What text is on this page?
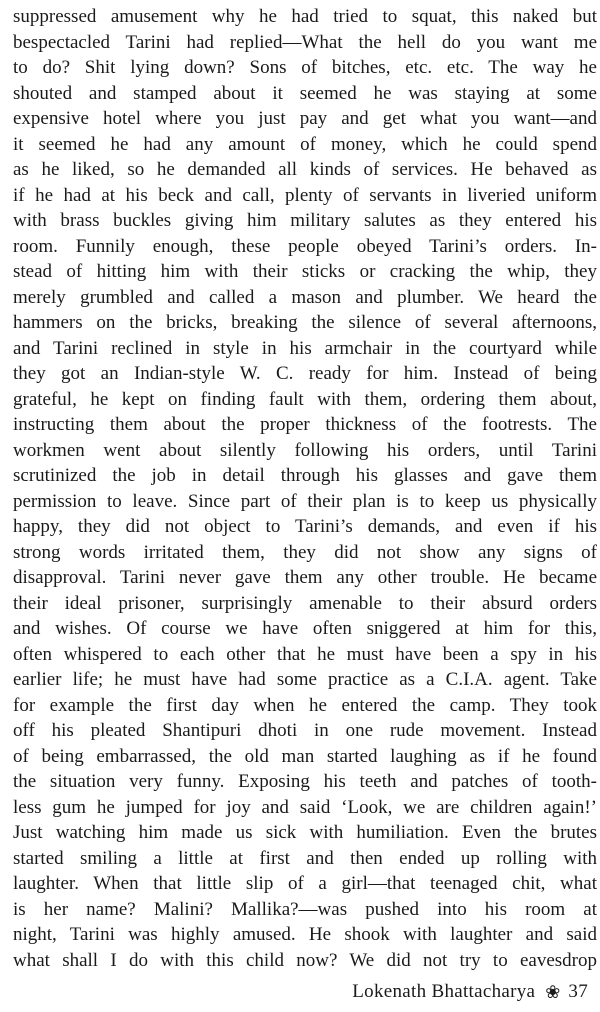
suppressed amusement why he had tried to squat, this naked but
bespectacled Tarini had replied—What the hell do you want me
to do? Shit lying down? Sons of bitches, etc. etc. The way he
shouted and stamped about it seemed he was staying at some
expensive hotel where you just pay and get what you want—and
it seemed he had any amount of money, which he could spend
as he liked, so he demanded all kinds of services. He behaved as
if he had at his beck and call, plenty of servants in liveried uniform
with brass buckles giving him military salutes as they entered his
room. Funnily enough, these people obeyed Tarini’s orders. In-
stead of hitting him with their sticks or cracking the whip, they
merely grumbled and called a mason and plumber. We heard the
hammers on the bricks, breaking the silence of several afternoons,
and Tarini reclined in style in his armchair in the courtyard while
they got an Indian-style W. C. ready for him. Instead of being
grateful, he kept on finding fault with them, ordering them about,
instructing them about the proper thickness of the footrests. The
workmen went about silently following his orders, until Tarini
scrutinized the job in detail through his glasses and gave them
permission to leave. Since part of their plan is to keep us physically
happy, they did not object to Tarini’s demands, and even if his
strong words irritated them, they did not show any signs of
disapproval. Tarini never gave them any other trouble. He became
their ideal prisoner, surprisingly amenable to their absurd orders
and wishes. Of course we have often sniggered at him for this,
often whispered to each other that he must have been a spy in his
earlier life; he must have had some practice as a C.I.A. agent. Take
for example the first day when he entered the camp. They took
off his pleated Shantipuri dhoti in one rude movement. Instead
of being embarrassed, the old man started laughing as if he found
the situation very funny. Exposing his teeth and patches of tooth-
less gum he jumped for joy and said ‘Look, we are children again!’
Just watching him made us sick with humiliation. Even the brutes
started smiling a little at first and then ended up rolling with
laughter. When that little slip of a girl—that teenaged chit, what
is her name? Malini? Mallika?—was pushed into his room at
night, Tarini was highly amused. He shook with laughter and said
what shall I do with this child now? We did not try to eavesdrop
Lokenath Bhattacharya ❀ 37
